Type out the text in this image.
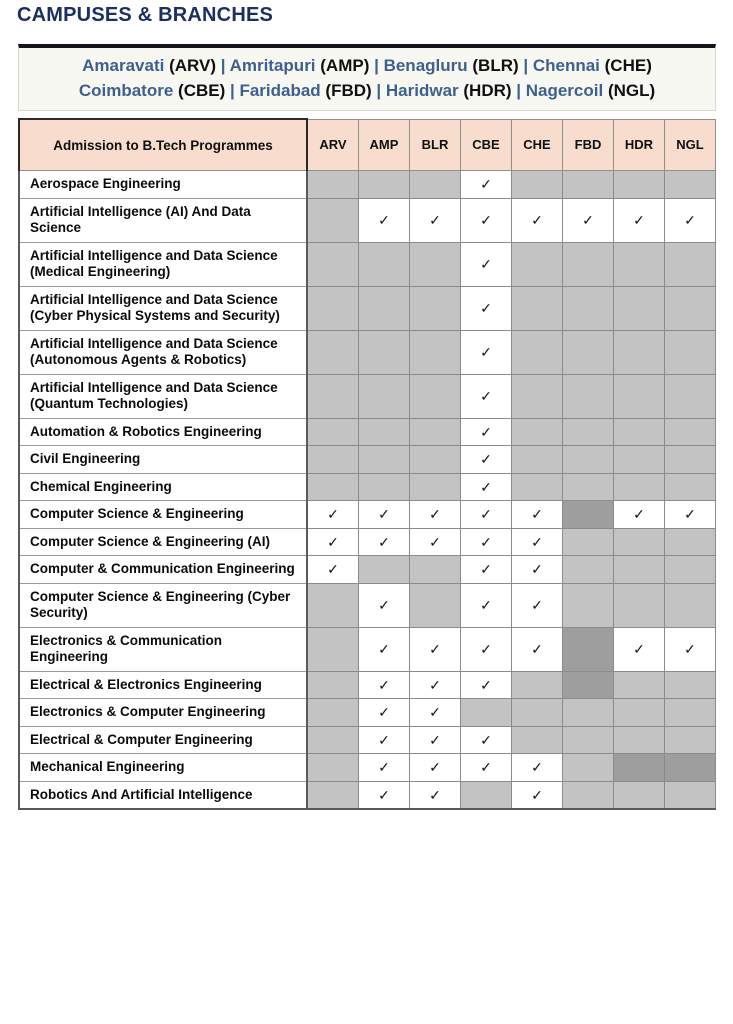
CAMPUSES & BRANCHES
Amaravati (ARV) | Amritapuri (AMP) | Benagluru (BLR) | Chennai (CHE)
Coimbatore (CBE) | Faridabad (FBD) | Haridwar (HDR) | Nagercoil (NGL)
Admission to B.Tech Programmes	ARV	AMP	BLR	CBE	CHE	FBD	HDR	NGL
Aerospace Engineering				✓				
Artificial Intelligence (AI) And Data Science		✓	✓	✓	✓	✓	✓	✓
Artificial Intelligence and Data Science (Medical Engineering)				✓				
Artificial Intelligence and Data Science (Cyber Physical Systems and Security)				✓				
Artificial Intelligence and Data Science (Autonomous Agents & Robotics)				✓				
Artificial Intelligence and Data Science (Quantum Technologies)				✓				
Automation & Robotics Engineering				✓				
Civil Engineering				✓				
Chemical Engineering				✓				
Computer Science & Engineering	✓	✓	✓	✓	✓		✓	✓
Computer Science & Engineering (AI)	✓	✓	✓	✓	✓			
Computer & Communication Engineering	✓			✓	✓			
Computer Science & Engineering (Cyber Security)		✓		✓	✓			
Electronics & Communication Engineering		✓	✓	✓	✓		✓	✓
Electrical & Electronics Engineering		✓	✓	✓				
Electronics & Computer Engineering		✓	✓					
Electrical & Computer Engineering		✓	✓	✓				
Mechanical Engineering		✓	✓	✓	✓			
Robotics And Artificial Intelligence		✓	✓		✓			
